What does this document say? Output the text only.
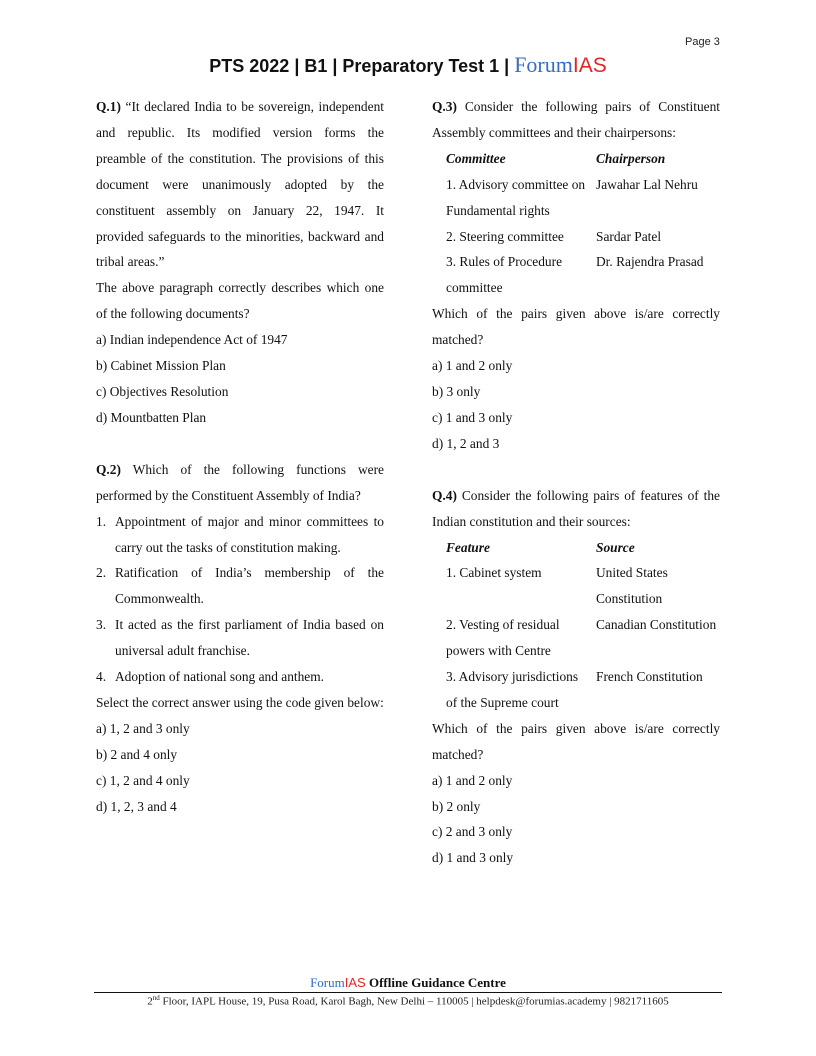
Page 3
PTS 2022 | B1 | Preparatory Test 1 | ForumIAS

Q.1) “It declared India to be sovereign, independent and republic. Its modified version forms the preamble of the constitution. The provisions of this document were unanimously adopted by the constituent assembly on January 22, 1947. It provided safeguards to the minorities, backward and tribal areas.”

The above paragraph correctly describes which one of the following documents?

a) Indian independence Act of 1947
b) Cabinet Mission Plan
c) Objectives Resolution
d) Mountbatten Plan

Q.2) Which of the following functions were performed by the Constituent Assembly of India?

1. Appointment of major and minor committees to carry out the tasks of constitution making.
2. Ratification of India’s membership of the Commonwealth.
3. It acted as the first parliament of India based on universal adult franchise.
4. Adoption of national song and anthem.

Select the correct answer using the code given below:

a) 1, 2 and 3 only
b) 2 and 4 only
c) 1, 2 and 4 only
d) 1, 2, 3 and 4

Q.3) Consider the following pairs of Constituent Assembly committees and their chairpersons:

Committee	Chairperson
1. Advisory committee on Fundamental rights	Jawahar Lal Nehru
2. Steering committee	Sardar Patel
3. Rules of Procedure committee	Dr. Rajendra Prasad

Which of the pairs given above is/are correctly matched?

a) 1 and 2 only
b) 3 only
c) 1 and 3 only
d) 1, 2 and 3

Q.4) Consider the following pairs of features of the Indian constitution and their sources:

Feature	Source
1. Cabinet system	United States Constitution
2. Vesting of residual powers with Centre	Canadian Constitution
3. Advisory jurisdictions of the Supreme court	French Constitution

Which of the pairs given above is/are correctly matched?

a) 1 and 2 only
b) 2 only
c) 2 and 3 only
d) 1 and 3 only
ForumIAS Offline Guidance Centre
2nd Floor, IAPL House, 19, Pusa Road, Karol Bagh, New Delhi – 110005 | helpdesk@forumias.academy | 9821711605
